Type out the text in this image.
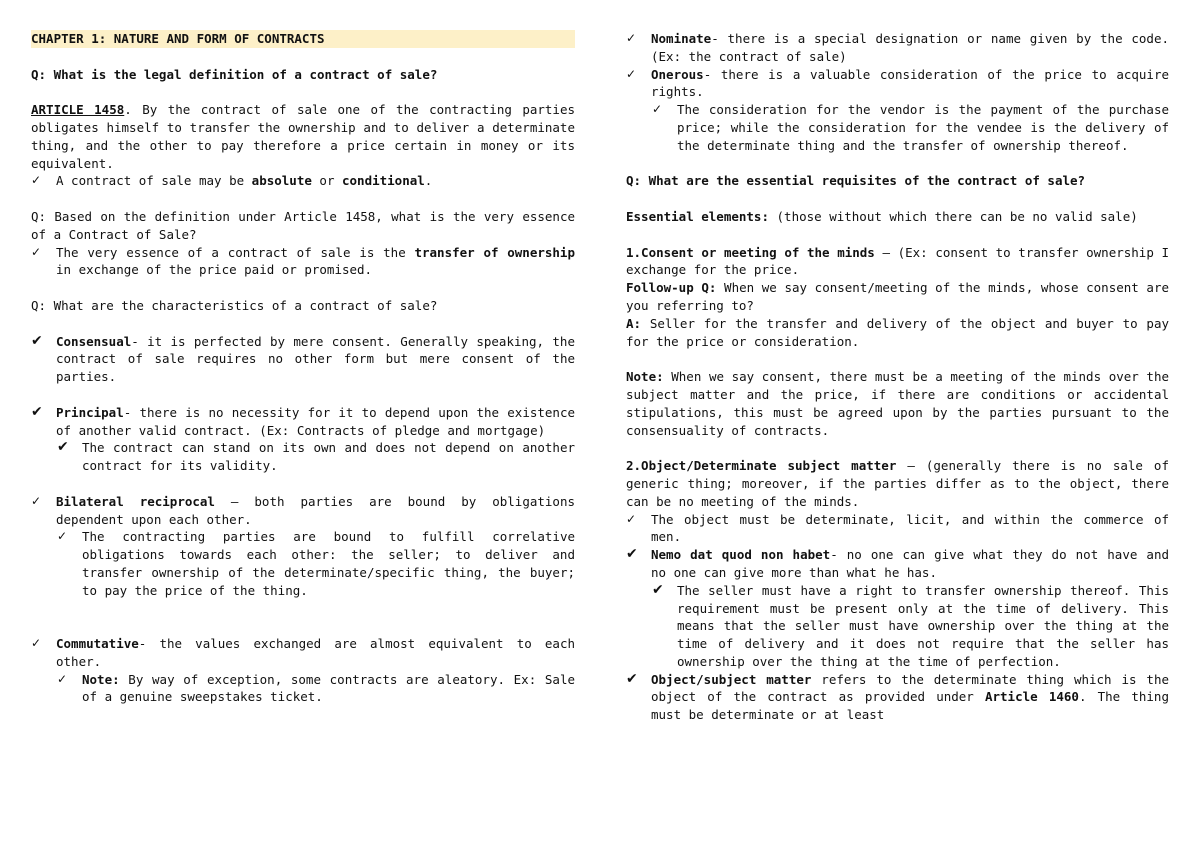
CHAPTER 1: NATURE AND FORM OF CONTRACTS

Q: What is the legal definition of a contract of sale?

ARTICLE 1458. By the contract of sale one of the contracting parties obligates himself to transfer the ownership and to deliver a determinate thing, and the other to pay therefore a price certain in money or its equivalent.

✓ A contract of sale may be absolute or conditional.

Q: Based on the definition under Article 1458, what is the very essence of a Contract of Sale?

✓ The very essence of a contract of sale is the transfer of ownership in exchange of the price paid or promised.

Q: What are the characteristics of a contract of sale?

✔ Consensual- it is perfected by mere consent. Generally speaking, the contract of sale requires no other form but mere consent of the parties.
✔ Principal- there is no necessity for it to depend upon the existence of another valid contract. (Ex: Contracts of pledge and mortgage)
✔ The contract can stand on its own and does not depend on another contract for its validity.
✓ Bilateral reciprocal – both parties are bound by obligations dependent upon each other.
✓ The contracting parties are bound to fulfill correlative obligations towards each other: the seller; to deliver and transfer ownership of the determinate/specific thing, the buyer; to pay the price of the thing.
✓ Commutative- the values exchanged are almost equivalent to each other.
✓ Note: By way of exception, some contracts are aleatory. Ex: Sale of a genuine sweepstakes ticket.
✓ Nominate- there is a special designation or name given by the code. (Ex: the contract of sale)
✓ Onerous- there is a valuable consideration of the price to acquire rights.
✓ The consideration for the vendor is the payment of the purchase price; while the consideration for the vendee is the delivery of the determinate thing and the transfer of ownership thereof.

Q: What are the essential requisites of the contract of sale?

Essential elements: (those without which there can be no valid sale)

1.Consent or meeting of the minds – (Ex: consent to transfer ownership I exchange for the price.

Follow-up Q: When we say consent/meeting of the minds, whose consent are you referring to?

A: Seller for the transfer and delivery of the object and buyer to pay for the price or consideration.

Note: When we say consent, there must be a meeting of the minds over the subject matter and the price, if there are conditions or accidental stipulations, this must be agreed upon by the parties pursuant to the consensuality of contracts.

2.Object/Determinate subject matter – (generally there is no sale of generic thing; moreover, if the parties differ as to the object, there can be no meeting of the minds.

✓ The object must be determinate, licit, and within the commerce of men.
✔ Nemo dat quod non habet- no one can give what they do not have and no one can give more than what he has.
✔ The seller must have a right to transfer ownership thereof. This requirement must be present only at the time of delivery. This means that the seller must have ownership over the thing at the time of delivery and it does not require that the seller has ownership over the thing at the time of perfection.
✔ Object/subject matter refers to the determinate thing which is the object of the contract as provided under Article 1460. The thing must be determinate or at least
